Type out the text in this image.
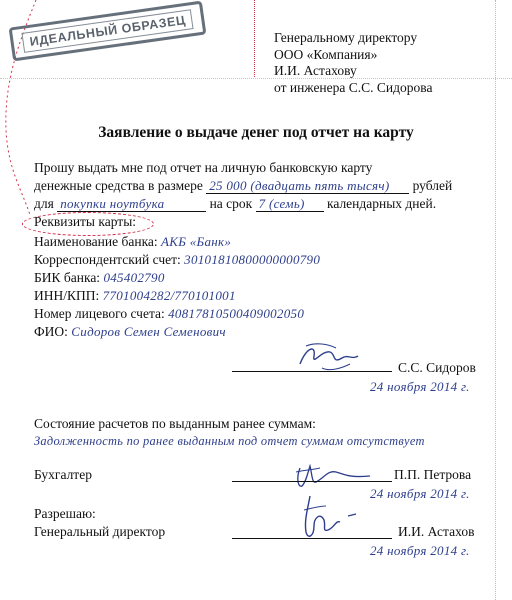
ИДЕАЛЬНЫЙ ОБРАЗЕЦ	Генеральному директору
ООО «Компания»
И.И. Астахову
от инженера С.С. Сидорова
Заявление о выдаче денег под отчет на карту
Прошу выдать мне под отчет на личную банковскую карту
денежные средства в размере 25 000 (двадцать пять тысяч) рублей
для покупки ноутбука	на срок 7 (семь) календарных дней.
Реквизиты карты:
Наименование банка: АКБ «Банк»
Корреспондентский счет: 30101810800000000790
БИК банка: 045402790
ИНН/КПП: 7701004282/770101001
Номер лицевого счета: 40817810500409002050
ФИО: Сидоров Семен Семенович
С.С. Сидоров
24 ноября 2014 г.
Состояние расчетов по выданным ранее суммам:
Задолженность по ранее выданным под отчет суммам отсутствует
Бухгалтер	П.П. Петрова
24 ноября 2014 г.
Разрешаю:
Генеральный директор	И.И. Астахов
24 ноября 2014 г.
